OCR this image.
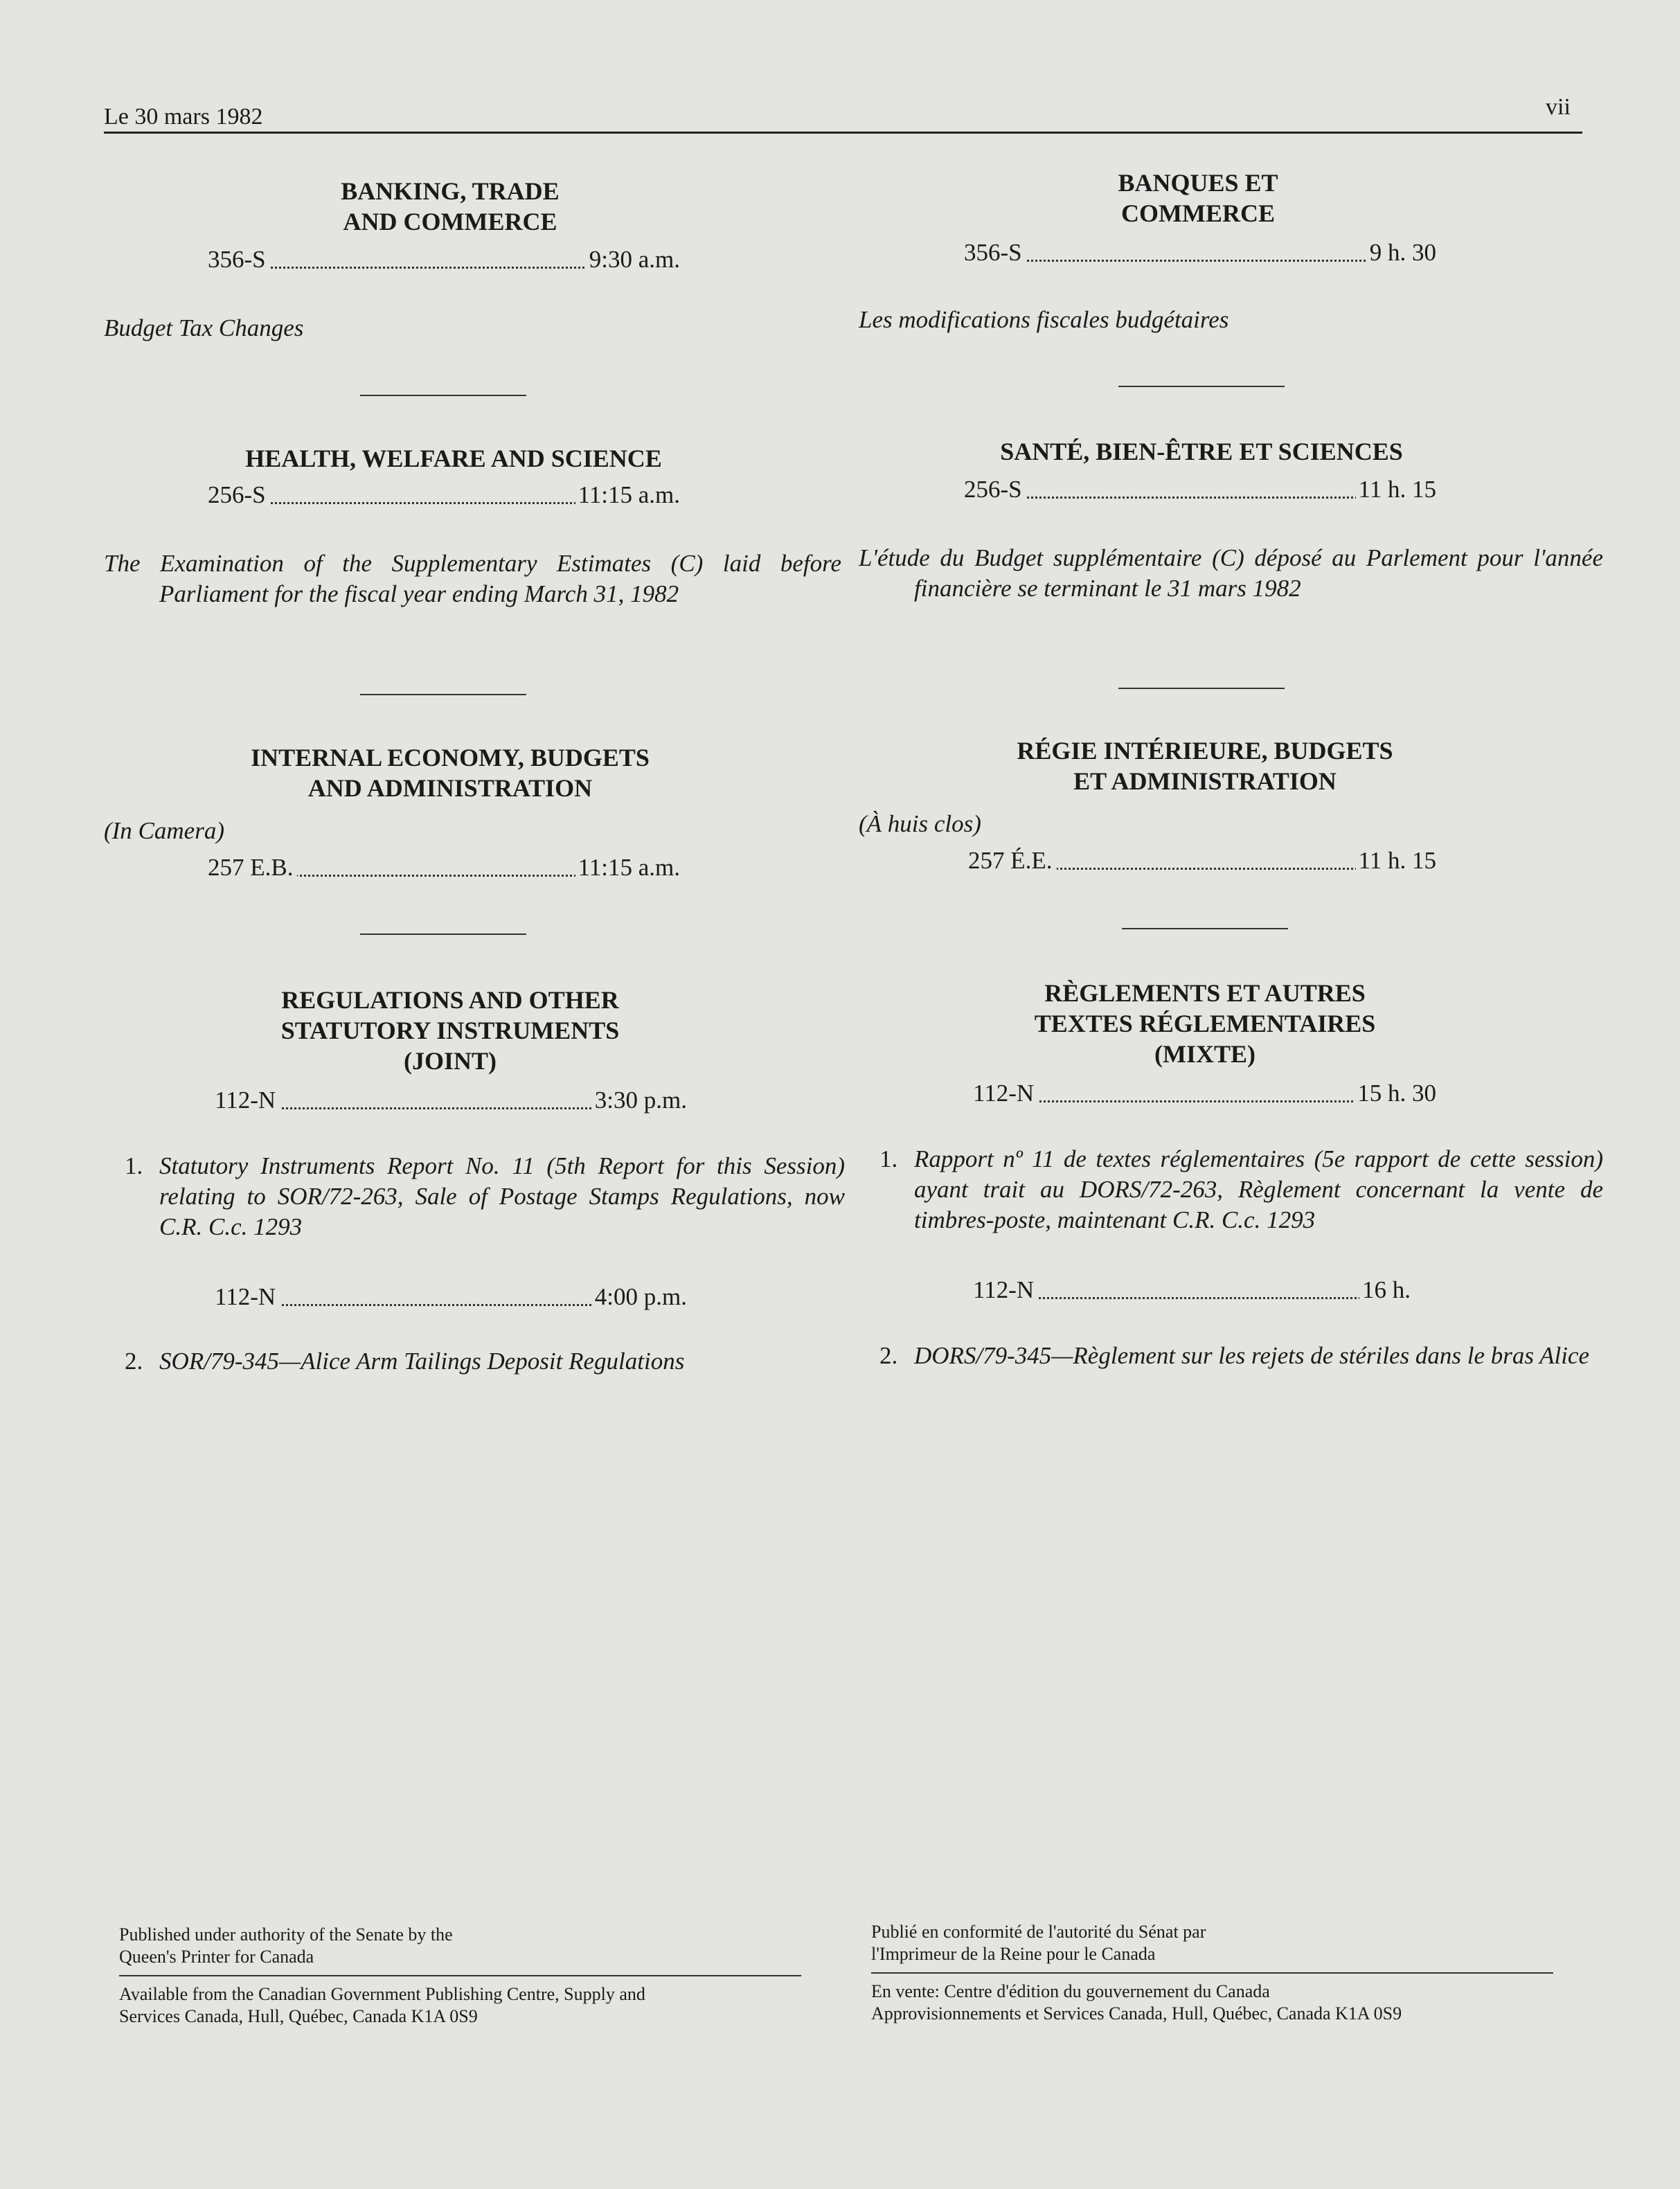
Le 30 mars 1982	vii
BANKING, TRADE
AND COMMERCE
356-S	9:30 a.m.
Budget Tax Changes
HEALTH, WELFARE AND SCIENCE
256-S	11:15 a.m.
The Examination of the Supplementary Estimates (C) laid before Parliament for the fiscal year ending March 31, 1982
INTERNAL ECONOMY, BUDGETS
AND ADMINISTRATION
(In Camera)
257 E.B.	11:15 a.m.
REGULATIONS AND OTHER
STATUTORY INSTRUMENTS
(JOINT)
112-N	3:30 p.m.
1. Statutory Instruments Report No. 11 (5th Report for this Session) relating to SOR/72-263, Sale of Postage Stamps Regulations, now C.R. C.c. 1293
112-N	4:00 p.m.
2. SOR/79-345—Alice Arm Tailings Deposit Regulations
BANQUES ET
COMMERCE
356-S	9 h. 30
Les modifications fiscales budgétaires
SANTÉ, BIEN-ÊTRE ET SCIENCES
256-S	11 h. 15
L'étude du Budget supplémentaire (C) déposé au Parlement pour l'année financière se terminant le 31 mars 1982
RÉGIE INTÉRIEURE, BUDGETS
ET ADMINISTRATION
(À huis clos)
257 É.E.	11 h. 15
RÈGLEMENTS ET AUTRES
TEXTES RÉGLEMENTAIRES
(MIXTE)
112-N	15 h. 30
1. Rapport nº 11 de textes réglementaires (5e rapport de cette session) ayant trait au DORS/72-263, Règlement concernant la vente de timbres-poste, maintenant C.R. C.c. 1293
112-N	16 h.
2. DORS/79-345—Règlement sur les rejets de stériles dans le bras Alice
Published under authority of the Senate by the
Queen's Printer for Canada
Available from the Canadian Government Publishing Centre, Supply and
Services Canada, Hull, Québec, Canada K1A 0S9
Publié en conformité de l'autorité du Sénat par
l'Imprimeur de la Reine pour le Canada
En vente: Centre d'édition du gouvernement du Canada
Approvisionnements et Services Canada, Hull, Québec, Canada K1A 0S9
